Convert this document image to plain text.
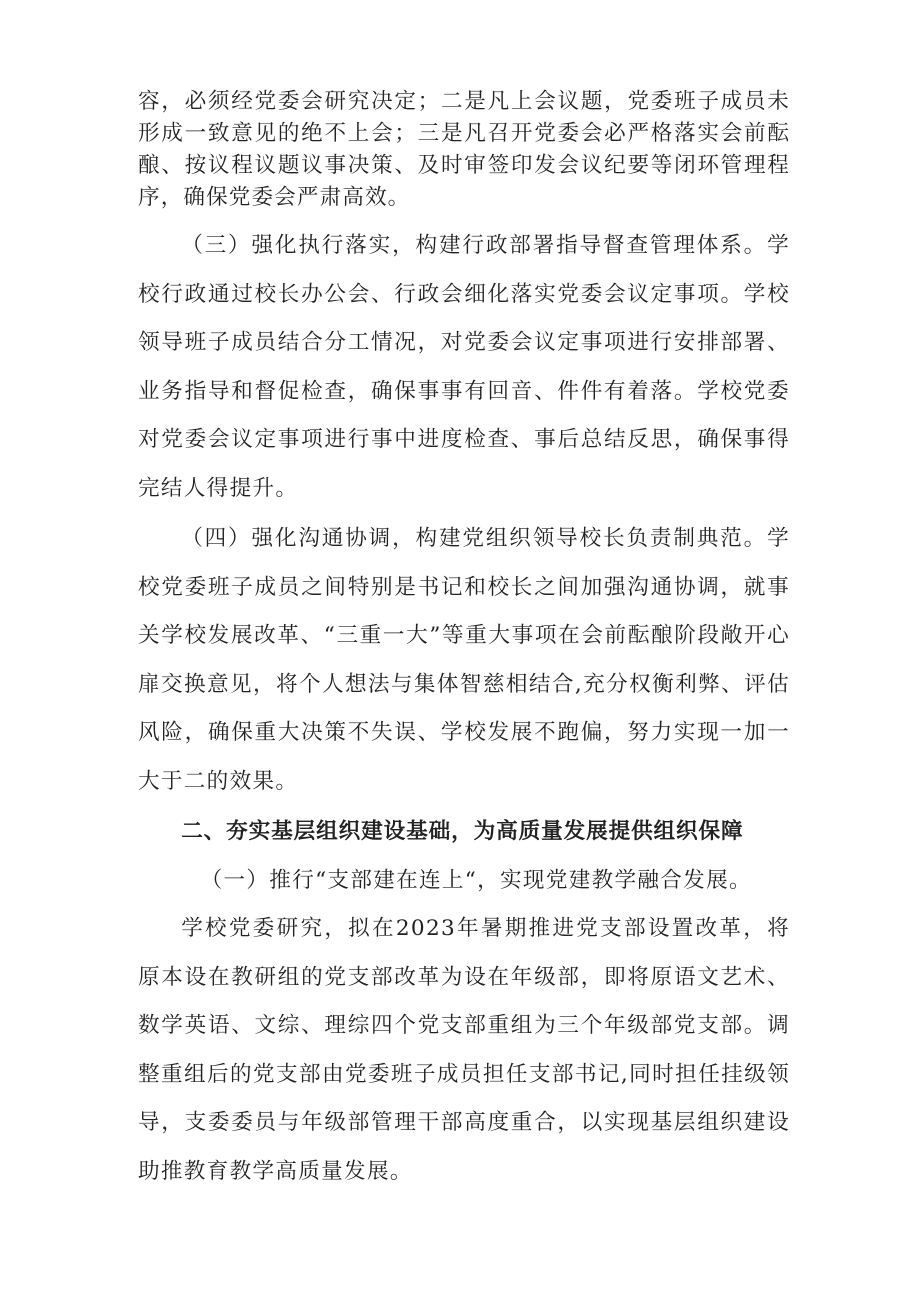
容，必须经党委会研究决定；二是凡上会议题，党委班子成员未形成一致意见的绝不上会；三是凡召开党委会必严格落实会前酝酿、按议程议题议事决策、及时审签印发会议纪要等闭环管理程序，确保党委会严肃高效。

（三）强化执行落实，构建行政部署指导督查管理体系。学校行政通过校长办公会、行政会细化落实党委会议定事项。学校领导班子成员结合分工情况，对党委会议定事项进行安排部署、业务指导和督促检查，确保事事有回音、件件有着落。学校党委对党委会议定事项进行事中进度检查、事后总结反思，确保事得完结人得提升。

（四）强化沟通协调，构建党组织领导校长负责制典范。学校党委班子成员之间特别是书记和校长之间加强沟通协调，就事关学校发展改革、“三重一大”等重大事项在会前酝酿阶段敞开心扉交换意见，将个人想法与集体智慈相结合,充分权衡利弊、评估风险，确保重大决策不失误、学校发展不跑偏，努力实现一加一大于二的效果。

二、夯实基层组织建设基础，为高质量发展提供组织保障

（一）推行“支部建在连上“，实现党建教学融合发展。

学校党委研究，拟在2023年暑期推进党支部设置改革，将原本设在教研组的党支部改革为设在年级部，即将原语文艺术、数学英语、文综、理综四个党支部重组为三个年级部党支部。调整重组后的党支部由党委班子成员担任支部书记,同时担任挂级领导，支委委员与年级部管理干部高度重合，以实现基层组织建设助推教育教学高质量发展。
